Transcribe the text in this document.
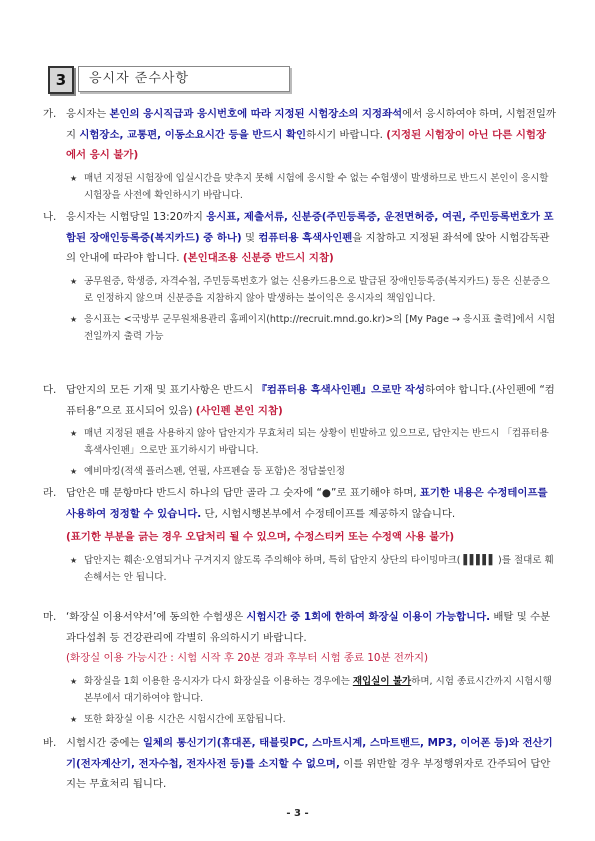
3	응시자 준수사항
가. 응시자는 본인의 응시직급과 응시번호에 따라 지정된 시험장소의 지정좌석에서 응시하여야 하며, 시험전일까지 시험장소, 교통편, 이동소요시간 등을 반드시 확인하시기 바랍니다. (지정된 시험장이 아닌 다른 시험장에서 응시 불가)
★ 매년 지정된 시험장에 입실시간을 맞추지 못해 시험에 응시할 수 없는 수험생이 발생하므로 반드시 본인이 응시할 시험장을 사전에 확인하시기 바랍니다.
나. 응시자는 시험당일 13:20까지 응시표, 제출서류, 신분증(주민등록증, 운전면허증, 여권, 주민등록번호가 포함된 장애인등록증(복지카드) 중 하나) 및 컴퓨터용 흑색사인펜을 지참하고 지정된 좌석에 앉아 시험감독관의 안내에 따라야 합니다. (본인대조용 신분증 반드시 지참)
★ 공무원증, 학생증, 자격수첩, 주민등록번호가 없는 신용카드용으로 발급된 장애인등록증(복지카드) 등은 신분증으로 인정하지 않으며 신분증을 지참하지 않아 발생하는 불이익은 응시자의 책임입니다.
★ 응시표는 <국방부 군무원채용관리 홈페이지(http://recruit.mnd.go.kr)>의 [My Page → 응시표 출력]에서 시험전일까지 출력 가능
다. 답안지의 모든 기재 및 표기사항은 반드시 『컴퓨터용 흑색사인펜』으로만 작성하여야 합니다.(사인펜에 “컴퓨터용”으로 표시되어 있음) (사인펜 본인 지참)
★ 매년 지정된 펜을 사용하지 않아 답안지가 무효처리 되는 상황이 빈발하고 있으므로, 답안지는 반드시 「컴퓨터용 흑색사인펜」으로만 표기하시기 바랍니다.
★ 예비마킹(적색 플러스펜, 연필, 샤프펜슬 등 포함)은 정답불인정
라. 답안은 매 문항마다 반드시 하나의 답만 골라 그 숫자에 “●”로 표기해야 하며, 표기한 내용은 수정테이프를 사용하여 정정할 수 있습니다. 단, 시험시행본부에서 수정테이프를 제공하지 않습니다.
(표기한 부분을 긁는 경우 오답처리 될 수 있으며, 수정스티커 또는 수정액 사용 불가)
★ 답안지는 훼손·오염되거나 구겨지지 않도록 주의해야 하며, 특히 답안지 상단의 타이밍마크( ▌▌▌▌▌ )를 절대로 훼손해서는 안 됩니다.
마. ‘화장실 이용서약서’에 동의한 수험생은 시험시간 중 1회에 한하여 화장실 이용이 가능합니다. 배탈 및 수분 과다섭취 등 건강관리에 각별히 유의하시기 바랍니다.
(화장실 이용 가능시간 : 시험 시작 후 20분 경과 후부터 시험 종료 10분 전까지)
★ 화장실을 1회 이용한 응시자가 다시 화장실을 이용하는 경우에는 재입실이 불가하며, 시험 종료시간까지 시험시행본부에서 대기하여야 합니다.
★ 또한 화장실 이용 시간은 시험시간에 포함됩니다.
바. 시험시간 중에는 일체의 통신기기(휴대폰, 태블릿PC, 스마트시계, 스마트밴드, MP3, 이어폰 등)와 전산기기(전자계산기, 전자수첩, 전자사전 등)를 소지할 수 없으며, 이를 위반할 경우 부정행위자로 간주되어 답안지는 무효처리 됩니다.
- 3 -
